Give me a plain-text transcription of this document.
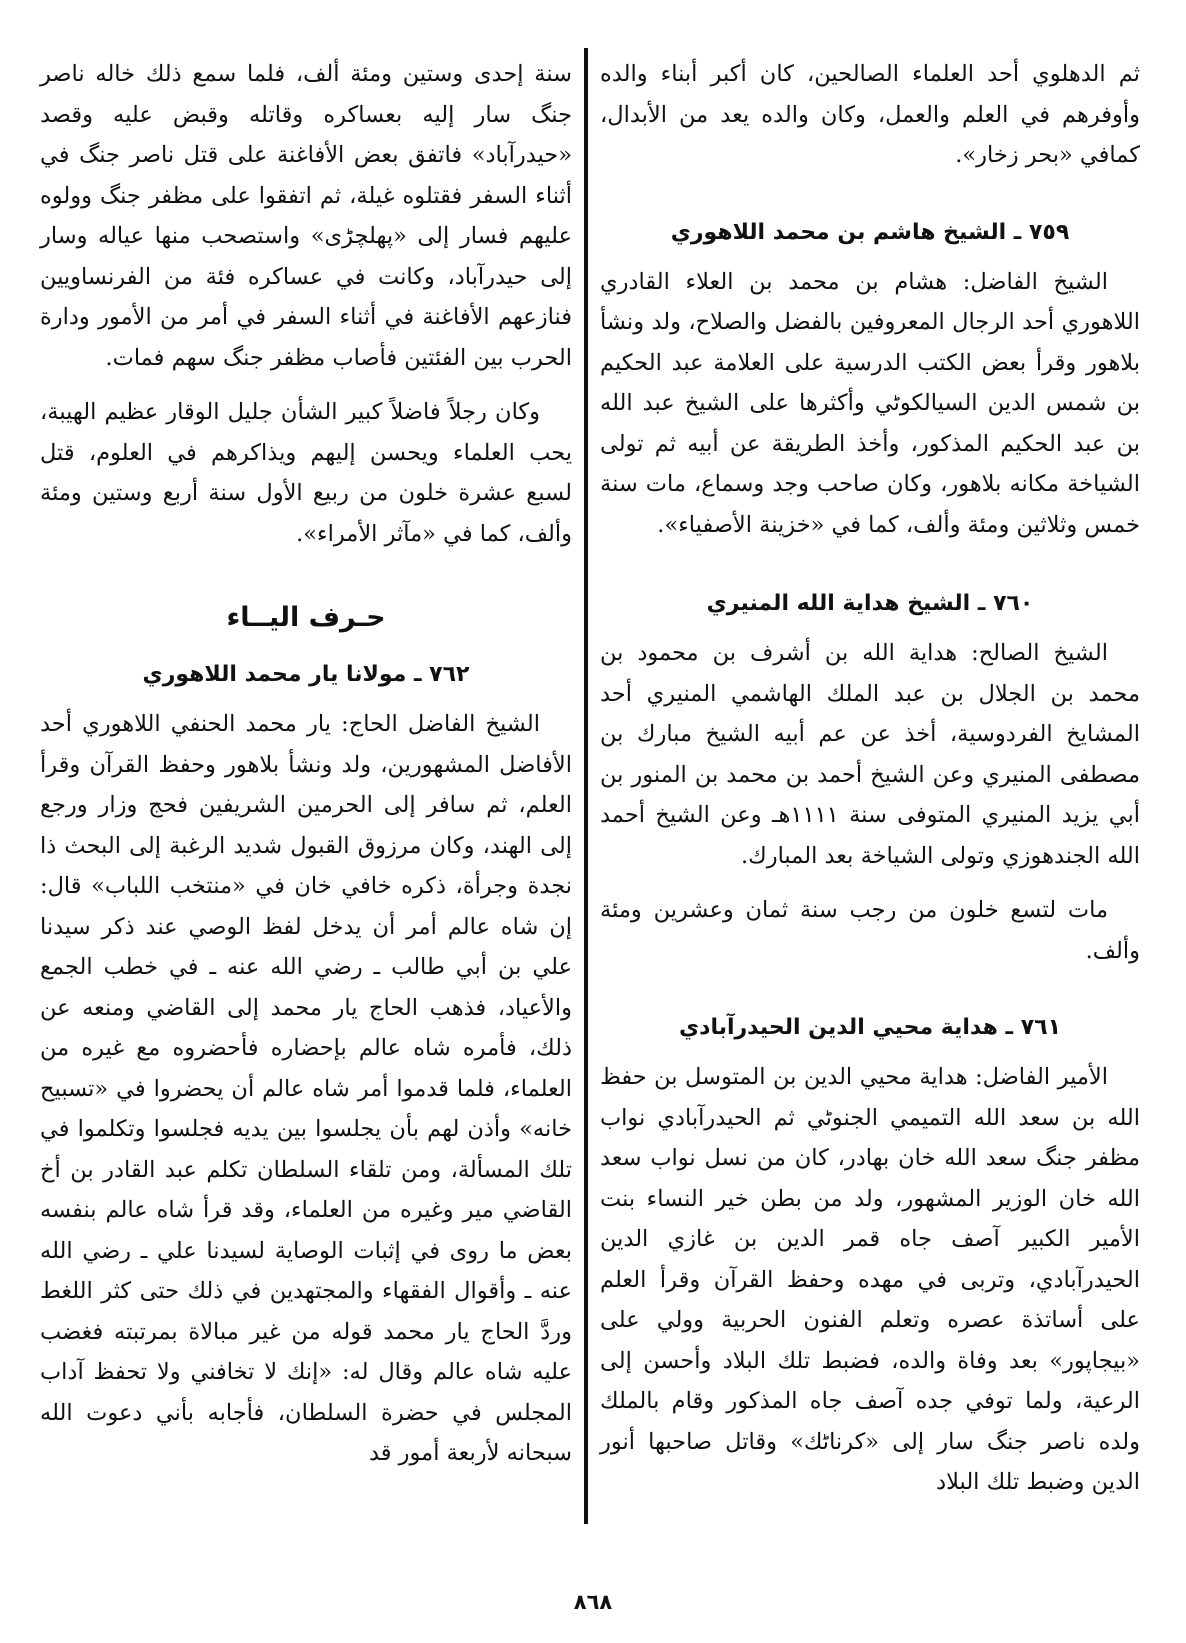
ثم الدهلوي أحد العلماء الصالحين، كان أكبر أبناء والده وأوفرهم في العلم والعمل، وكان والده يعد من الأبدال، كمافي «بحر زخار».

٧٥٩ ـ الشيخ هاشم بن محمد اللاهوري

الشيخ الفاضل: هشام بن محمد بن العلاء القادري اللاهوري أحد الرجال المعروفين بالفضل والصلاح، ولد ونشأ بلاهور وقرأ بعض الكتب الدرسية على العلامة عبد الحكيم بن شمس الدين السيالكوٹي وأكثرها على الشيخ عبد الله بن عبد الحكيم المذكور، وأخذ الطريقة عن أبيه ثم تولى الشياخة مكانه بلاهور، وكان صاحب وجد وسماع، مات سنة خمس وثلاثين ومئة وألف، كما في «خزينة الأصفياء».

٧٦٠ ـ الشيخ هداية الله المنيري

الشيخ الصالح: هداية الله بن أشرف بن محمود بن محمد بن الجلال بن عبد الملك الهاشمي المنيري أحد المشايخ الفردوسية، أخذ عن عم أبيه الشيخ مبارك بن مصطفى المنيري وعن الشيخ أحمد بن محمد بن المنور بن أبي يزيد المنيري المتوفى سنة ١١١١هـ وعن الشيخ أحمد الله الجندهوزي وتولى الشياخة بعد المبارك.

مات لتسع خلون من رجب سنة ثمان وعشرين ومئة وألف.

٧٦١ ـ هداية محيي الدين الحيدرآبادي

الأمير الفاضل: هداية محيي الدين بن المتوسل بن حفظ الله بن سعد الله التميمي الجنوٹي ثم الحيدرآبادي نواب مظفر جنگ سعد الله خان بهادر، كان من نسل نواب سعد الله خان الوزير المشهور، ولد من بطن خير النساء بنت الأمير الكبير آصف جاه قمر الدين بن غازي الدين الحيدرآبادي، وتربى في مهده وحفظ القرآن وقرأ العلم على أساتذة عصره وتعلم الفنون الحربية وولي على «بيجاپور» بعد وفاة والده، فضبط تلك البلاد وأحسن إلى الرعية، ولما توفي جده آصف جاه المذكور وقام بالملك ولده ناصر جنگ سار إلى «كرناٹك» وقاتل صاحبها أنور الدين وضبط تلك البلاد

سنة إحدى وستين ومئة ألف، فلما سمع ذلك خاله ناصر جنگ سار إليه بعساكره وقاتله وقبض عليه وقصد «حيدرآباد» فاتفق بعض الأفاغنة على قتل ناصر جنگ في أثناء السفر فقتلوه غيلة، ثم اتفقوا على مظفر جنگ وولوه عليهم فسار إلى «پهلچڑی» واستصحب منها عياله وسار إلى حيدرآباد، وكانت في عساكره فئة من الفرنساويين فنازعهم الأفاغنة في أثناء السفر في أمر من الأمور ودارة الحرب بين الفئتين فأصاب مظفر جنگ سهم فمات.

وكان رجلاً فاضلاً كبير الشأن جليل الوقار عظيم الهيبة، يحب العلماء ويحسن إليهم ويذاكرهم في العلوم، قتل لسبع عشرة خلون من ربيع الأول سنة أربع وستين ومئة وألف، كما في «مآثر الأمراء».

حـرف اليــاء
٧٦٢ ـ مولانا يار محمد اللاهوري

الشيخ الفاضل الحاج: يار محمد الحنفي اللاهوري أحد الأفاضل المشهورين، ولد ونشأ بلاهور وحفظ القرآن وقرأ العلم، ثم سافر إلى الحرمين الشريفين فحج وزار ورجع إلى الهند، وكان مرزوق القبول شديد الرغبة إلى البحث ذا نجدة وجرأة، ذكره خافي خان في «منتخب اللباب» قال: إن شاه عالم أمر أن يدخل لفظ الوصي عند ذكر سيدنا علي بن أبي طالب ـ رضي الله عنه ـ في خطب الجمع والأعياد، فذهب الحاج يار محمد إلى القاضي ومنعه عن ذلك، فأمره شاه عالم بإحضاره فأحضروه مع غيره من العلماء، فلما قدموا أمر شاه عالم أن يحضروا في «تسبيح خانه» وأذن لهم بأن يجلسوا بين يديه فجلسوا وتكلموا في تلك المسألة، ومن تلقاء السلطان تكلم عبد القادر بن أخ القاضي مير وغيره من العلماء، وقد قرأ شاه عالم بنفسه بعض ما روى في إثبات الوصاية لسيدنا علي ـ رضي الله عنه ـ وأقوال الفقهاء والمجتهدين في ذلك حتى كثر اللغط وردَّ الحاج يار محمد قوله من غير مبالاة بمرتبته فغضب عليه شاه عالم وقال له: «إنك لا تخافني ولا تحفظ آداب المجلس في حضرة السلطان، فأجابه بأني دعوت الله سبحانه لأربعة أمور قد

٨٦٨
